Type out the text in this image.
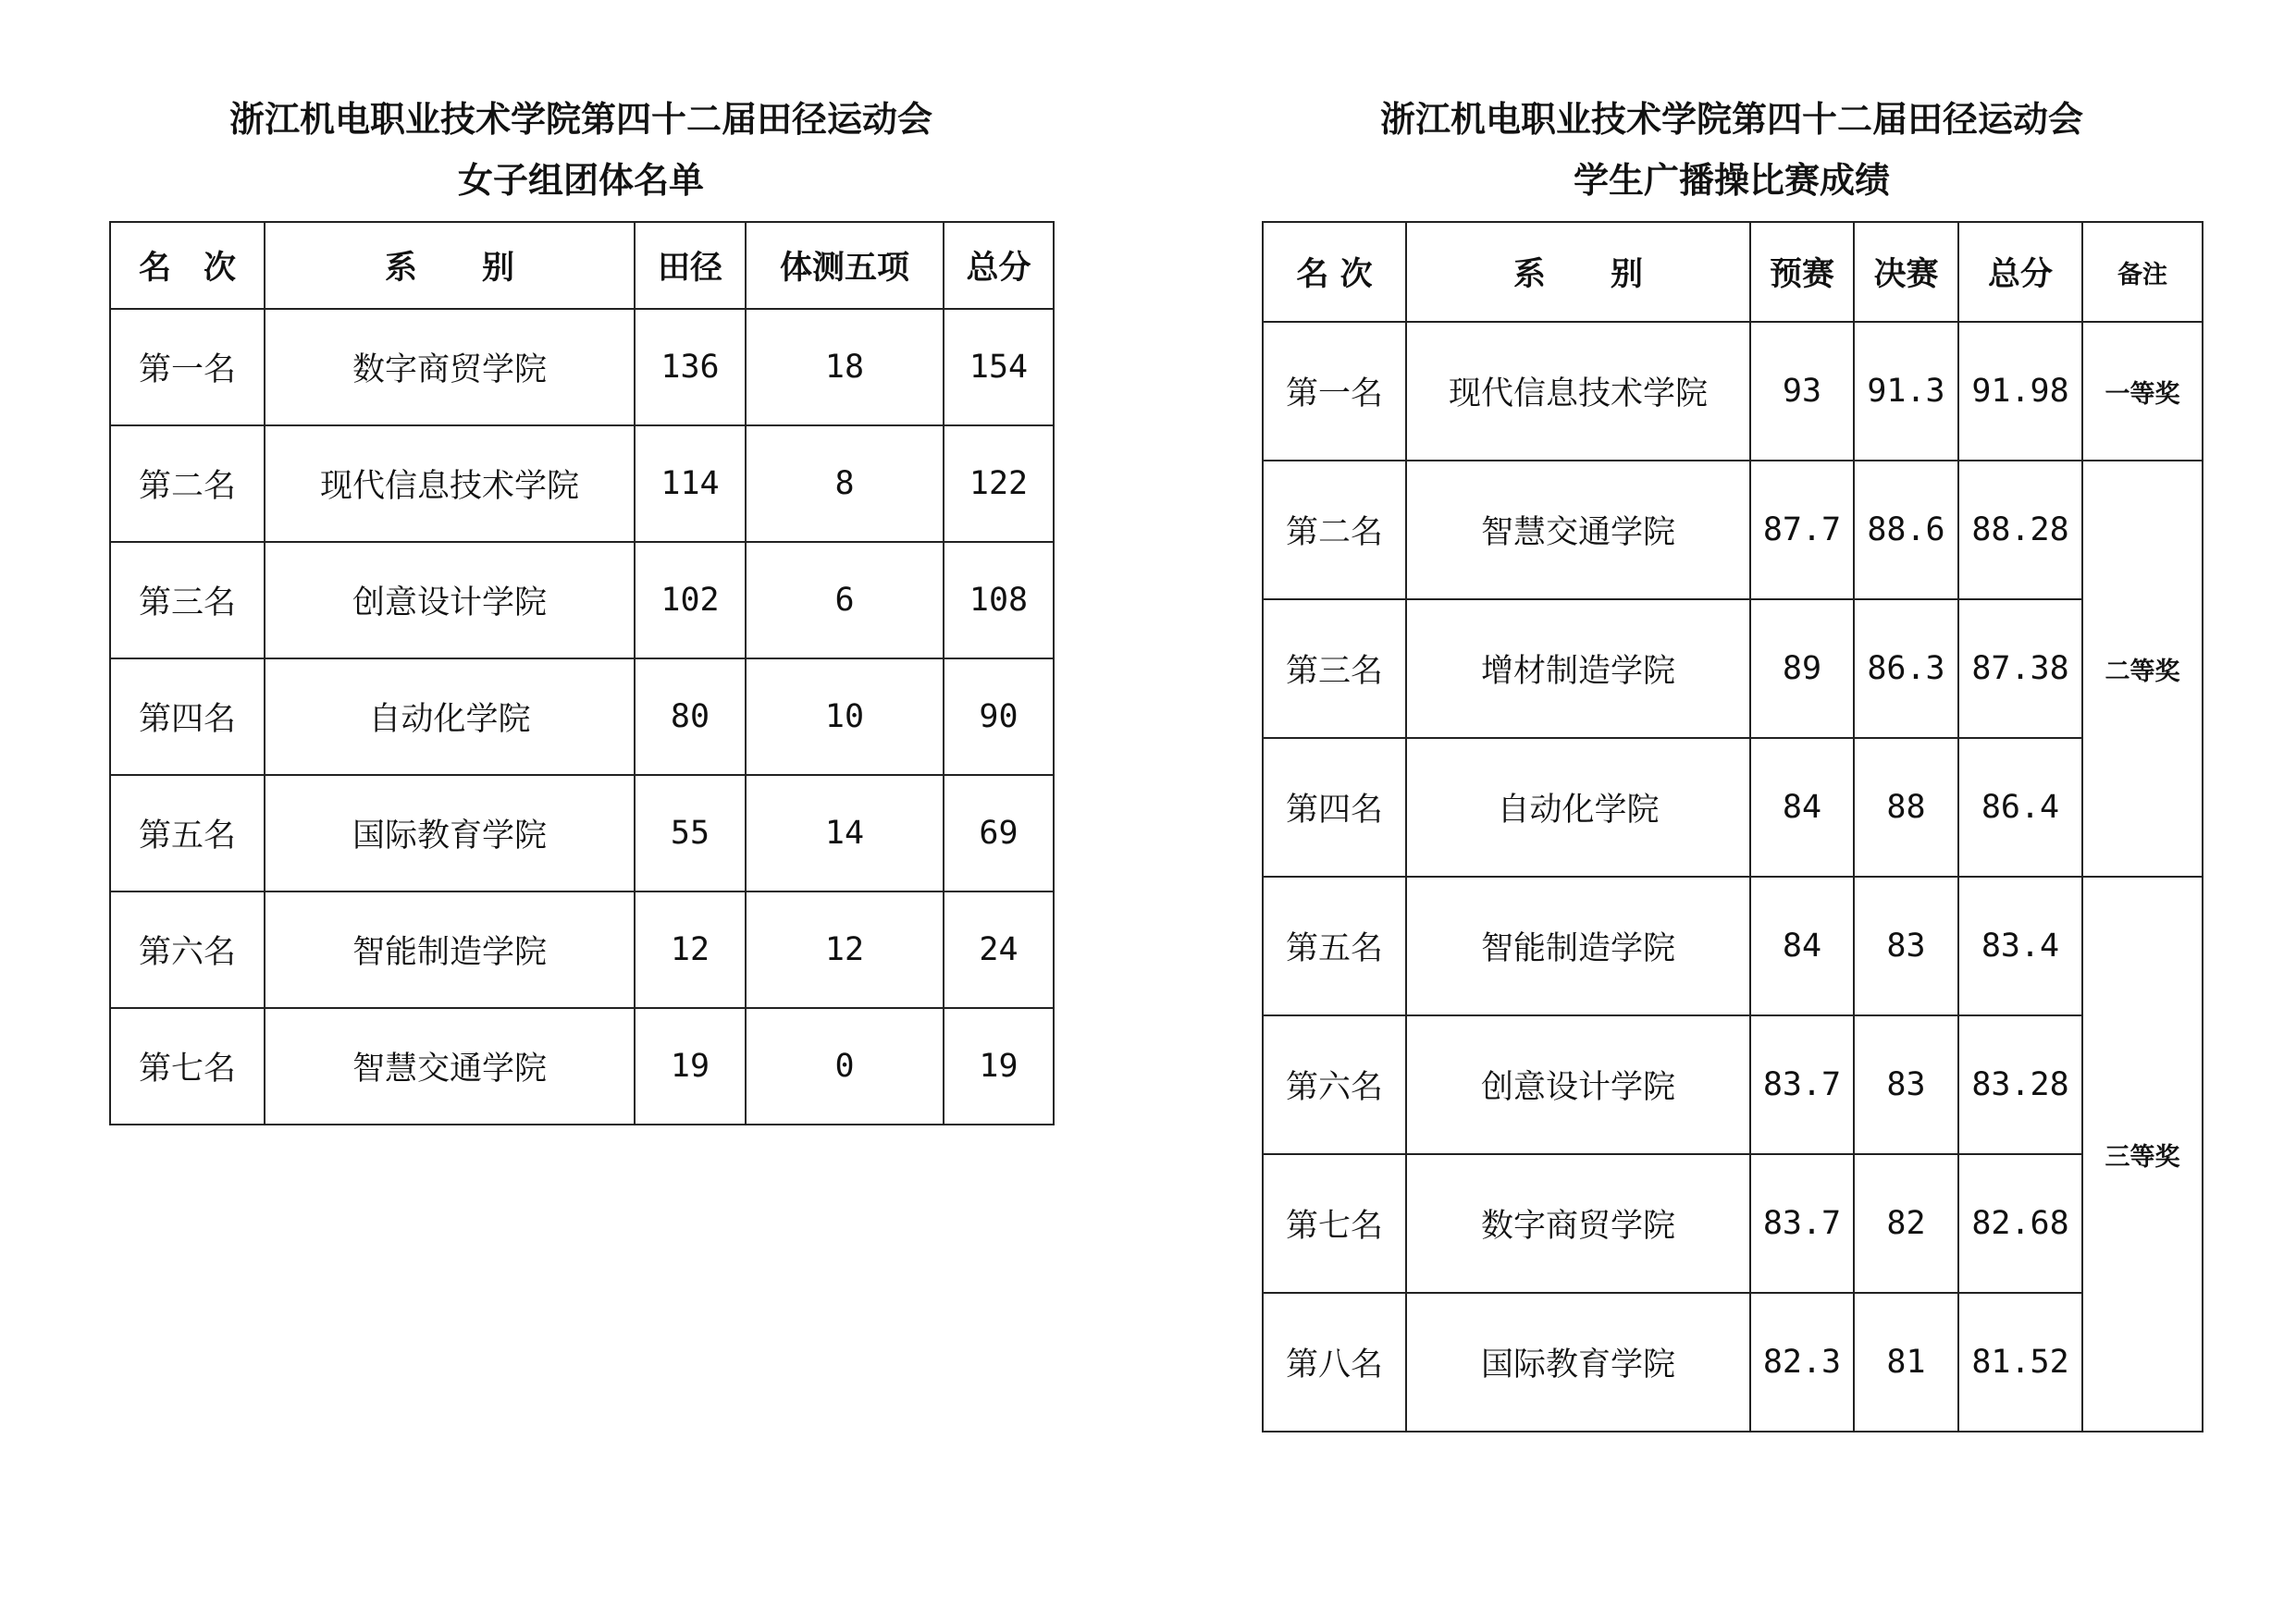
浙江机电职业技术学院第四十二届田径运动会
女子组团体名单
名　次	系　　别	田径	体测五项	总分
第一名	数字商贸学院	136	18	154
第二名	现代信息技术学院	114	8	122
第三名	创意设计学院	102	6	108
第四名	自动化学院	80	10	90
第五名	国际教育学院	55	14	69
第六名	智能制造学院	12	12	24
第七名	智慧交通学院	19	0	19
浙江机电职业技术学院第四十二届田径运动会
学生广播操比赛成绩
名 次	系　　别	预赛	决赛	总分	备注
第一名	现代信息技术学院	93	91.3	91.98	一等奖
第二名	智慧交通学院	87.7	88.6	88.28	二等奖
第三名	增材制造学院	89	86.3	87.38	
第四名	自动化学院	84	88	86.4	
第五名	智能制造学院	84	83	83.4	三等奖
第六名	创意设计学院	83.7	83	83.28	
第七名	数字商贸学院	83.7	82	82.68	
第八名	国际教育学院	82.3	81	81.52	
